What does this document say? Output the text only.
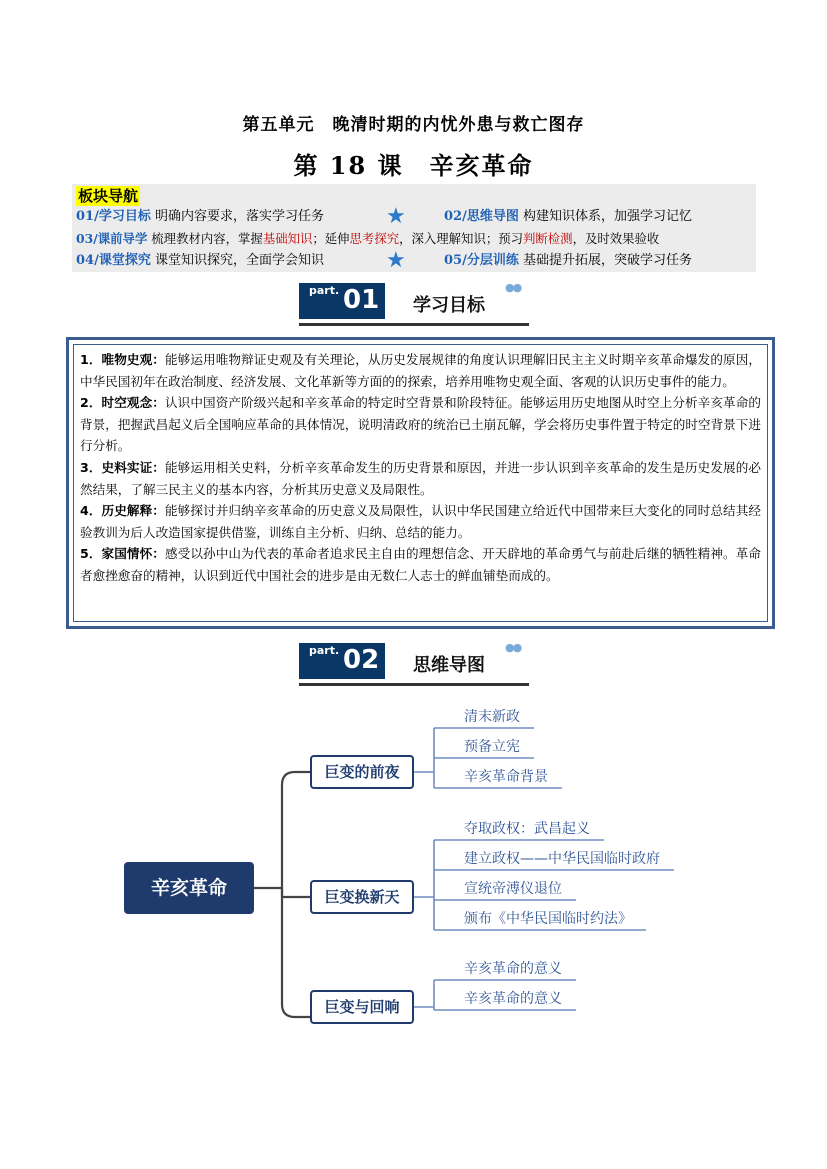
第五单元　晚清时期的内忧外患与救亡图存
第 18 课　辛亥革命
板块导航
01/学习目标 明确内容要求，落实学习任务	★	02/思维导图 构建知识体系，加强学习记忆
03/课前导学 梳理教材内容，掌握基础知识；延伸思考探究，深入理解知识；预习判断检测，及时效果验收
04/课堂探究 课堂知识探究，全面学会知识	★	05/分层训练 基础提升拓展，突破学习任务
part. 01 学习目标
●●

1．唯物史观：能够运用唯物辩证史观及有关理论，从历史发展规律的角度认识理解旧民主主义时期辛亥革命爆发的原因，中华民国初年在政治制度、经济发展、文化革新等方面的的探索，培养用唯物史观全面、客观的认识历史事件的能力。

2．时空观念：认识中国资产阶级兴起和辛亥革命的特定时空背景和阶段特征。能够运用历史地图从时空上分析辛亥革命的背景，把握武昌起义后全国响应革命的具体情况，说明清政府的统治已土崩瓦解，学会将历史事件置于特定的时空背景下进行分析。

3．史料实证：能够运用相关史料，分析辛亥革命发生的历史背景和原因，并进一步认识到辛亥革命的发生是历史发展的必然结果，了解三民主义的基本内容，分析其历史意义及局限性。

4．历史解释：能够探讨并归纳辛亥革命的历史意义及局限性，认识中华民国建立给近代中国带来巨大变化的同时总结其经验教训为后人改造国家提供借鉴，训练自主分析、归纳、总结的能力。

5．家国情怀：感受以孙中山为代表的革命者追求民主自由的理想信念、开天辟地的革命勇气与前赴后继的牺牲精神。革命者愈挫愈奋的精神，认识到近代中国社会的进步是由无数仁人志士的鲜血铺垫而成的。

part. 02 思维导图
●●
辛亥革命
巨变的前夜
巨变换新天
巨变与回响
清末新政
预备立宪
辛亥革命背景
夺取政权：武昌起义
建立政权——中华民国临时政府
宣统帝溥仪退位
颁布《中华民国临时约法》
辛亥革命的意义
辛亥革命的意义
